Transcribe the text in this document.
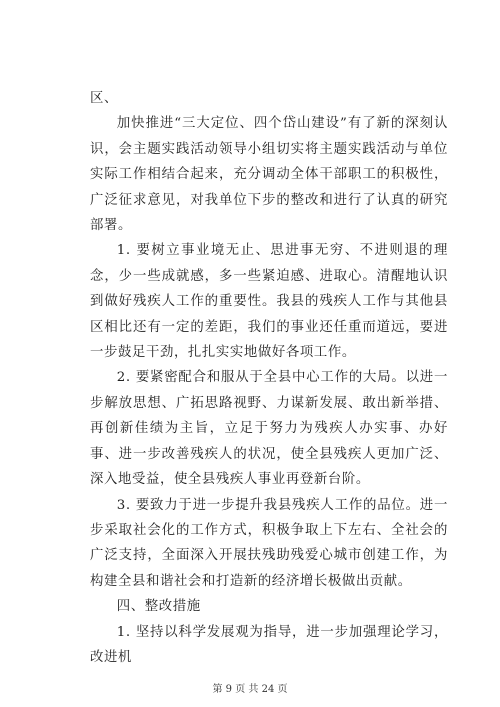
区、

加快推进“三大定位、四个岱山建设”有了新的深刻认识，会主题实践活动领导小组切实将主题实践活动与单位实际工作相结合起来，充分调动全体干部职工的积极性，广泛征求意见，对我单位下步的整改和进行了认真的研究部署。

1. 要树立事业境无止、思进事无穷、不进则退的理念，少一些成就感，多一些紧迫感、进取心。清醒地认识到做好残疾人工作的重要性。我县的残疾人工作与其他县区相比还有一定的差距，我们的事业还任重而道远，要进一步鼓足干劲，扎扎实实地做好各项工作。

2. 要紧密配合和服从于全县中心工作的大局。以进一步解放思想、广拓思路视野、力谋新发展、敢出新举措、再创新佳绩为主旨，立足于努力为残疾人办实事、办好事、进一步改善残疾人的状况，使全县残疾人更加广泛、深入地受益，使全县残疾人事业再登新台阶。

3. 要致力于进一步提升我县残疾人工作的品位。进一步采取社会化的工作方式，积极争取上下左右、全社会的广泛支持，全面深入开展扶残助残爱心城市创建工作，为构建全县和谐社会和打造新的经济增长极做出贡献。

四、整改措施

1. 坚持以科学发展观为指导，进一步加强理论学习，改进机

第 9 页 共 24 页
